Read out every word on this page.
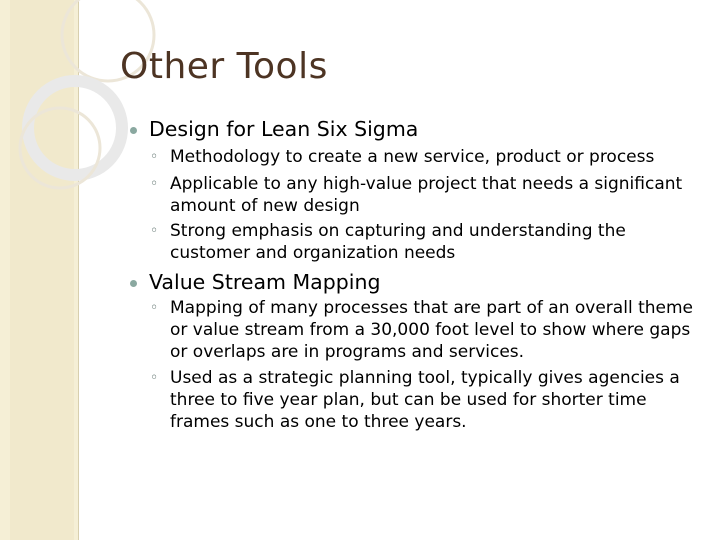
Other Tools
Design for Lean Six Sigma
◦ Methodology to create a new service, product or process
◦ Applicable to any high-value project that needs a significant amount of new design
◦ Strong emphasis on capturing and understanding the customer and organization needs
Value Stream Mapping
◦ Mapping of many processes that are part of an overall theme or value stream from a 30,000 foot level to show where gaps or overlaps are in programs and services.
◦ Used as a strategic planning tool, typically gives agencies a three to five year plan, but can be used for shorter time frames such as one to three years.
